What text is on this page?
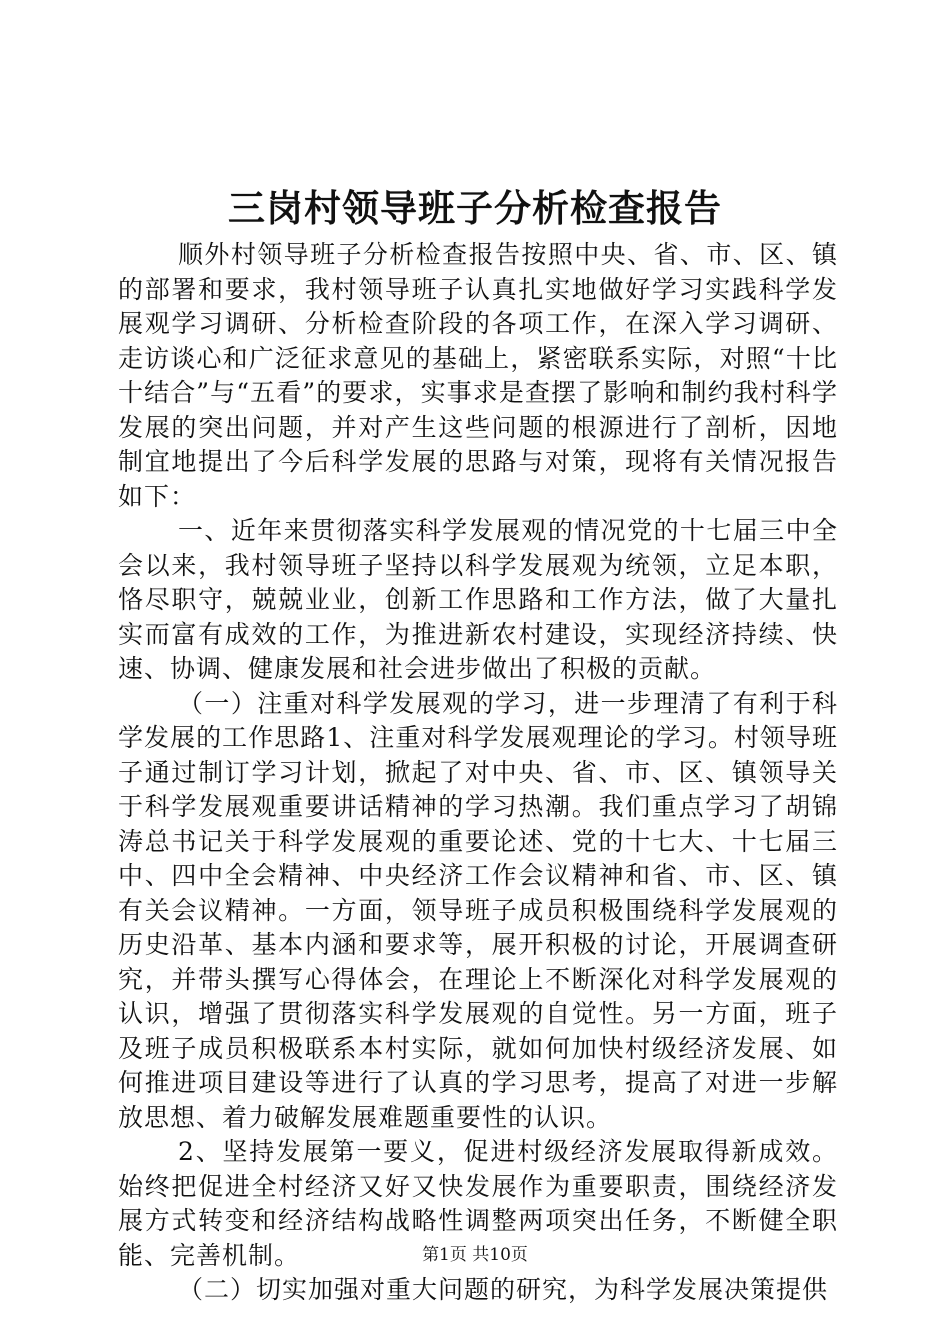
三岗村领导班子分析检查报告

顺外村领导班子分析检查报告按照中央、省、市、区、镇的部署和要求，我村领导班子认真扎实地做好学习实践科学发展观学习调研、分析检查阶段的各项工作，在深入学习调研、走访谈心和广泛征求意见的基础上，紧密联系实际，对照“十比十结合”与“五看”的要求，实事求是查摆了影响和制约我村科学发展的突出问题，并对产生这些问题的根源进行了剖析，因地制宜地提出了今后科学发展的思路与对策，现将有关情况报告如下：

一、近年来贯彻落实科学发展观的情况党的十七届三中全会以来，我村领导班子坚持以科学发展观为统领，立足本职，恪尽职守，兢兢业业，创新工作思路和工作方法，做了大量扎实而富有成效的工作，为推进新农村建设，实现经济持续、快速、协调、健康发展和社会进步做出了积极的贡献。

（一）注重对科学发展观的学习，进一步理清了有利于科学发展的工作思路1、注重对科学发展观理论的学习。村领导班子通过制订学习计划，掀起了对中央、省、市、区、镇领导关于科学发展观重要讲话精神的学习热潮。我们重点学习了胡锦涛总书记关于科学发展观的重要论述、党的十七大、十七届三中、四中全会精神、中央经济工作会议精神和省、市、区、镇有关会议精神。一方面，领导班子成员积极围绕科学发展观的历史沿革、基本内涵和要求等，展开积极的讨论，开展调查研究，并带头撰写心得体会，在理论上不断深化对科学发展观的认识，增强了贯彻落实科学发展观的自觉性。另一方面，班子及班子成员积极联系本村实际，就如何加快村级经济发展、如何推进项目建设等进行了认真的学习思考，提高了对进一步解放思想、着力破解发展难题重要性的认识。

2、坚持发展第一要义，促进村级经济发展取得新成效。始终把促进全村经济又好又快发展作为重要职责，围绕经济发展方式转变和经济结构战略性调整两项突出任务，不断健全职能、完善机制。

（二）切实加强对重大问题的研究，为科学发展决策提供

第1页 共10页
